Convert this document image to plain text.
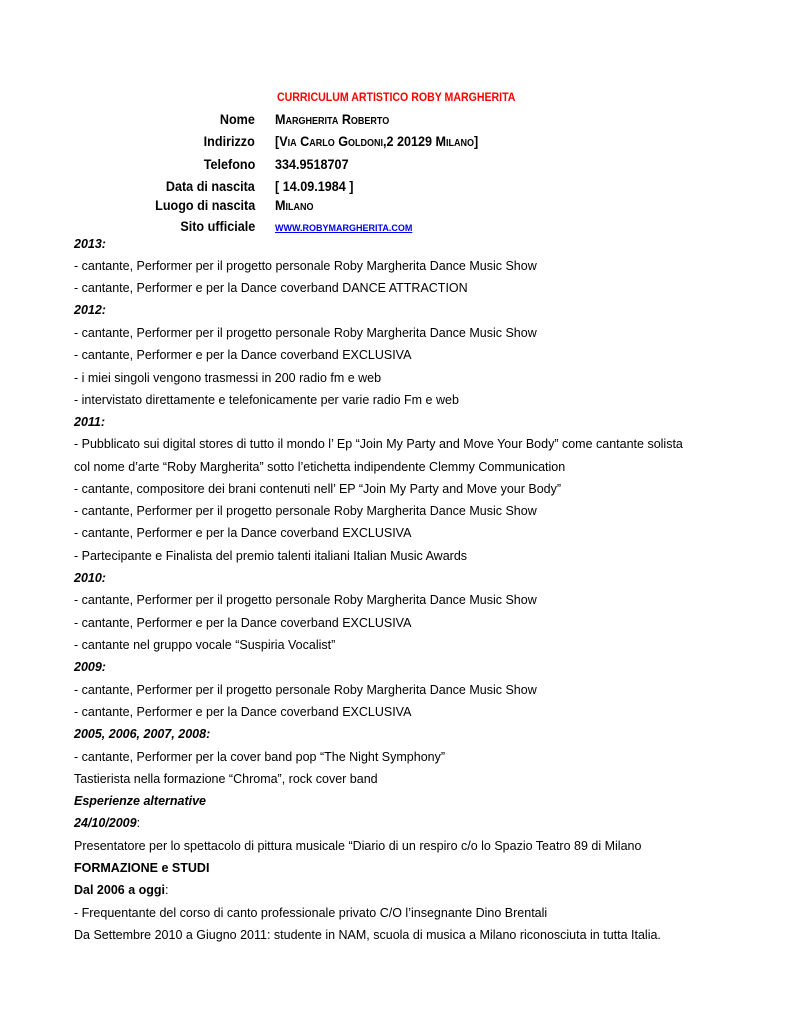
CURRICULUM ARTISTICO ROBY MARGHERITA
Nome Margherita Roberto
Indirizzo [Via Carlo Goldoni,2 20129 Milano]
Telefono 334.9518707
Data di nascita [ 14.09.1984 ]
Luogo di nascita Milano
Sito ufficiale WWW.ROBYMARGHERITA.COM
2013:
- cantante, Performer per il progetto personale Roby Margherita Dance Music Show
- cantante, Performer e per la Dance coverband DANCE ATTRACTION
2012:
- cantante, Performer per il progetto personale Roby Margherita Dance Music Show
- cantante, Performer e per la Dance coverband EXCLUSIVA
- i miei singoli vengono trasmessi in 200 radio fm e web
- intervistato direttamente e telefonicamente per varie radio Fm e web
2011:
- Pubblicato sui digital stores di tutto il mondo l’ Ep “Join My Party and Move Your Body” come cantante solista
col nome d’arte “Roby Margherita” sotto l’etichetta indipendente Clemmy Communication
- cantante, compositore dei brani contenuti nell’ EP “Join My Party and Move your Body”
- cantante, Performer per il progetto personale Roby Margherita Dance Music Show
- cantante, Performer e per la Dance coverband EXCLUSIVA
- Partecipante e Finalista del premio talenti italiani Italian Music Awards
2010:
- cantante, Performer per il progetto personale Roby Margherita Dance Music Show
- cantante, Performer e per la Dance coverband EXCLUSIVA
- cantante nel gruppo vocale “Suspiria Vocalist”
2009:
- cantante, Performer per il progetto personale Roby Margherita Dance Music Show
- cantante, Performer e per la Dance coverband EXCLUSIVA
2005, 2006, 2007, 2008:
- cantante, Performer per la cover band pop “The Night Symphony”
Tastierista nella formazione “Chroma”, rock cover band
Esperienze alternative
24/10/2009:
Presentatore per lo spettacolo di pittura musicale “Diario di un respiro c/o lo Spazio Teatro 89 di Milano
FORMAZIONE e STUDI
Dal 2006 a oggi:
- Frequentante del corso di canto professionale privato C/O l’insegnante Dino Brentali
Da Settembre 2010 a Giugno 2011: studente in NAM, scuola di musica a Milano riconosciuta in tutta Italia.
